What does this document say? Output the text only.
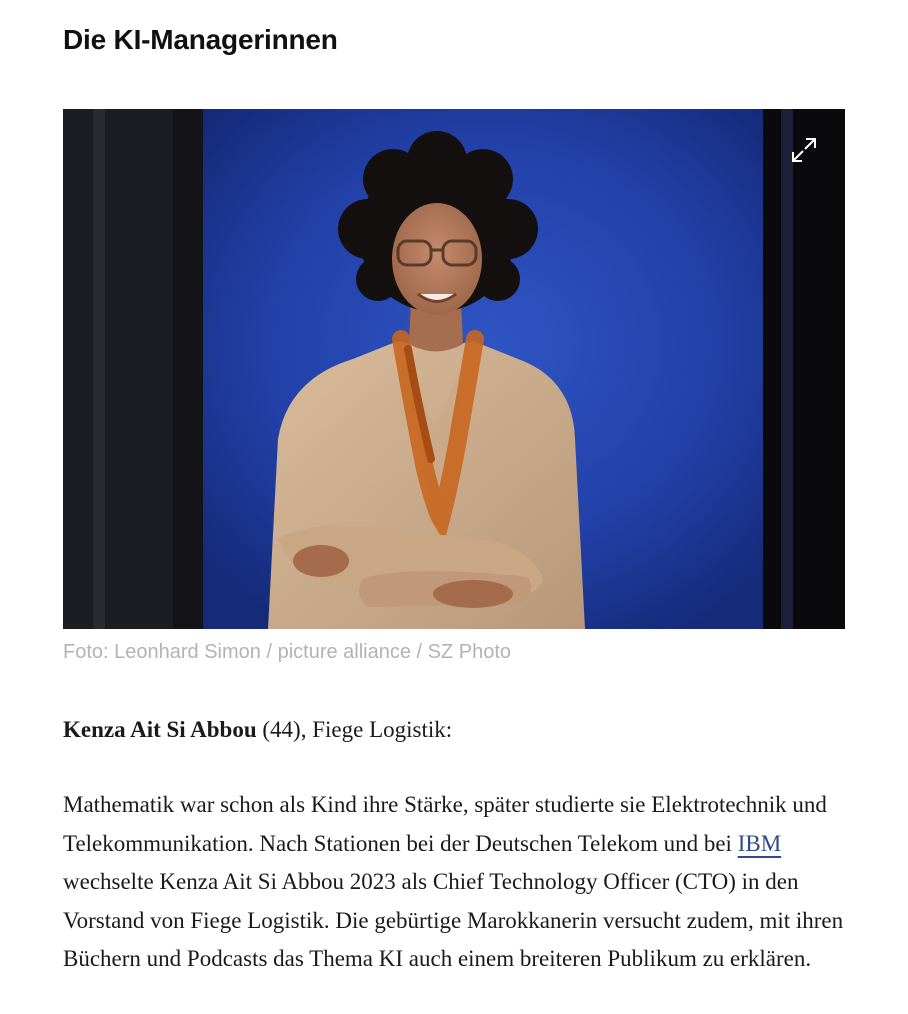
Die KI-Managerinnen
Foto: Leonhard Simon / picture alliance / SZ Photo
Kenza Ait Si Abbou (44), Fiege Logistik:

Mathematik war schon als Kind ihre Stärke, später studierte sie Elektrotechnik und Telekommunikation. Nach Stationen bei der Deutschen Telekom und bei IBM wechselte Kenza Ait Si Abbou 2023 als Chief Technology Officer (CTO) in den Vorstand von Fiege Logistik. Die gebürtige Marokkanerin versucht zudem, mit ihren Büchern und Podcasts das Thema KI auch einem breiteren Publikum zu erklären.
